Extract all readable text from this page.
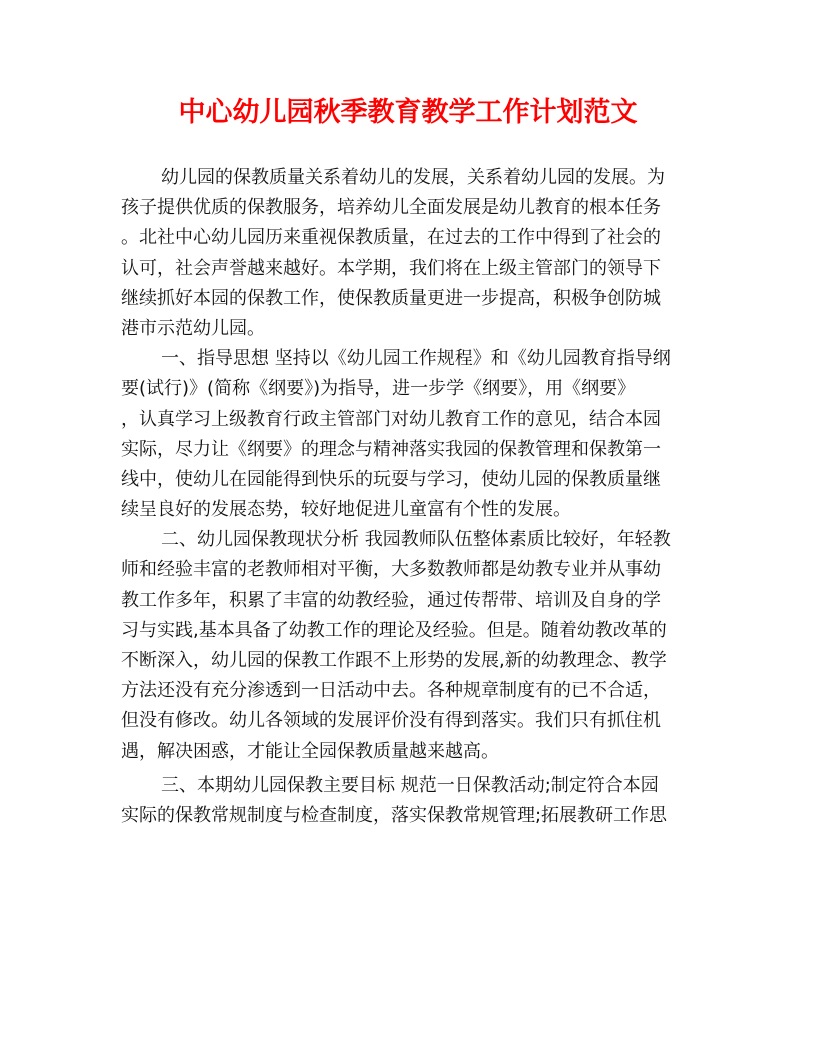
中心幼儿园秋季教育教学工作计划范文
幼儿园的保教质量关系着幼儿的发展，关系着幼儿园的发展。为
孩子提供优质的保教服务，培养幼儿全面发展是幼儿教育的根本任务
。北社中心幼儿园历来重视保教质量，在过去的工作中得到了社会的
认可，社会声誉越来越好。本学期，我们将在上级主管部门的领导下
继续抓好本园的保教工作，使保教质量更进一步提高，积极争创防城
港市示范幼儿园。
一、指导思想 坚持以《幼儿园工作规程》和《幼儿园教育指导纲
要(试行)》(简称《纲要》)为指导，进一步学《纲要》，用《纲要》
，认真学习上级教育行政主管部门对幼儿教育工作的意见，结合本园
实际，尽力让《纲要》的理念与精神落实我园的保教管理和保教第一
线中，使幼儿在园能得到快乐的玩耍与学习，使幼儿园的保教质量继
续呈良好的发展态势，较好地促进儿童富有个性的发展。
二、幼儿园保教现状分析 我园教师队伍整体素质比较好，年轻教
师和经验丰富的老教师相对平衡，大多数教师都是幼教专业并从事幼
教工作多年，积累了丰富的幼教经验，通过传帮带、培训及自身的学
习与实践,基本具备了幼教工作的理论及经验。但是。随着幼教改革的
不断深入，幼儿园的保教工作跟不上形势的发展,新的幼教理念、教学
方法还没有充分渗透到一日活动中去。各种规章制度有的已不合适，
但没有修改。幼儿各领域的发展评价没有得到落实。我们只有抓住机
遇，解决困惑，才能让全园保教质量越来越高。
三、本期幼儿园保教主要目标 规范一日保教活动;制定符合本园
实际的保教常规制度与检查制度，落实保教常规管理;拓展教研工作思
